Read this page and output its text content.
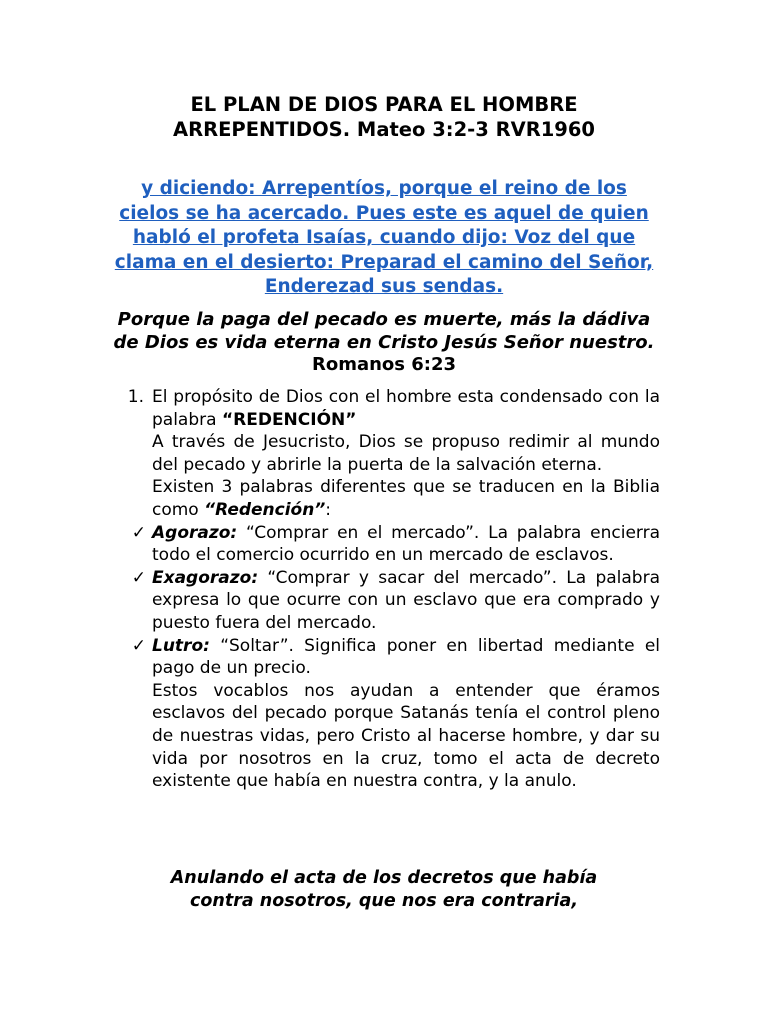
EL PLAN DE DIOS PARA EL HOMBRE
ARREPENTIDOS. Mateo 3:2-3 RVR1960
y diciendo: Arrepentíos, porque el reino de los cielos se ha acercado. Pues este es aquel de quien habló el profeta Isaías, cuando dijo: Voz del que clama en el desierto: Preparad el camino del Señor, Enderezad sus sendas.
Porque la paga del pecado es muerte, más la dádiva de Dios es vida eterna en Cristo Jesús Señor nuestro. Romanos 6:23
1. El propósito de Dios con el hombre esta condensado con la palabra “REDENCIÓN”
A través de Jesucristo, Dios se propuso redimir al mundo del pecado y abrirle la puerta de la salvación eterna.
Existen 3 palabras diferentes que se traducen en la Biblia como “Redención”:
✓ Agorazo: “Comprar en el mercado”. La palabra encierra todo el comercio ocurrido en un mercado de esclavos.
✓ Exagorazo: “Comprar y sacar del mercado”. La palabra expresa lo que ocurre con un esclavo que era comprado y puesto fuera del mercado.
✓ Lutro: “Soltar”. Significa poner en libertad mediante el pago de un precio.
Estos vocablos nos ayudan a entender que éramos esclavos del pecado porque Satanás tenía el control pleno de nuestras vidas, pero Cristo al hacerse hombre, y dar su vida por nosotros en la cruz, tomo el acta de decreto existente que había en nuestra contra, y la anulo.
Anulando el acta de los decretos que había
contra nosotros, que nos era contraria,
